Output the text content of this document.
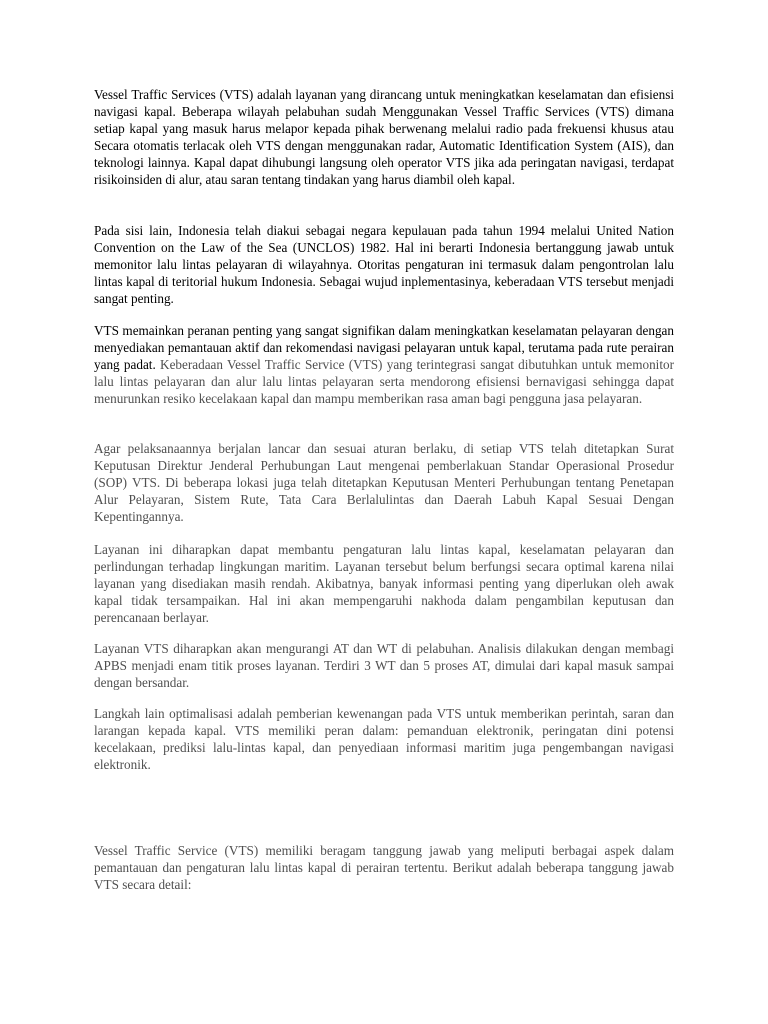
Vessel Traffic Services (VTS) adalah layanan yang dirancang untuk meningkatkan keselamatan dan efisiensi navigasi kapal. Beberapa wilayah pelabuhan sudah Menggunakan Vessel Traffic Services (VTS) dimana setiap kapal yang masuk harus melapor kepada pihak berwenang melalui radio pada frekuensi khusus atau Secara otomatis terlacak oleh VTS dengan menggunakan radar, Automatic Identification System (AIS), dan teknologi lainnya. Kapal dapat dihubungi langsung oleh operator VTS jika ada peringatan navigasi, terdapat risikoinsiden di alur, atau saran tentang tindakan yang harus diambil oleh kapal.

Pada sisi lain, Indonesia telah diakui sebagai negara kepulauan pada tahun 1994 melalui United Nation Convention on the Law of the Sea (UNCLOS) 1982. Hal ini berarti Indonesia bertanggung jawab untuk memonitor lalu lintas pelayaran di wilayahnya. Otoritas pengaturan ini termasuk dalam pengontrolan lalu lintas kapal di teritorial hukum Indonesia. Sebagai wujud inplementasinya, keberadaan VTS tersebut menjadi sangat penting.

VTS memainkan peranan penting yang sangat signifikan dalam meningkatkan keselamatan pelayaran dengan menyediakan pemantauan aktif dan rekomendasi navigasi pelayaran untuk kapal, terutama pada rute perairan yang padat. Keberadaan Vessel Traffic Service (VTS) yang terintegrasi sangat dibutuhkan untuk memonitor lalu lintas pelayaran dan alur lalu lintas pelayaran serta mendorong efisiensi bernavigasi sehingga dapat menurunkan resiko kecelakaan kapal dan mampu memberikan rasa aman bagi pengguna jasa pelayaran.

Agar pelaksanaannya berjalan lancar dan sesuai aturan berlaku, di setiap VTS telah ditetapkan Surat Keputusan Direktur Jenderal Perhubungan Laut mengenai pemberlakuan Standar Operasional Prosedur (SOP) VTS. Di beberapa lokasi juga telah ditetapkan Keputusan Menteri Perhubungan tentang Penetapan Alur Pelayaran, Sistem Rute, Tata Cara Berlalulintas dan Daerah Labuh Kapal Sesuai Dengan Kepentingannya.

Layanan ini diharapkan dapat membantu pengaturan lalu lintas kapal, keselamatan pelayaran dan perlindungan terhadap lingkungan maritim. Layanan tersebut belum berfungsi secara optimal karena nilai layanan yang disediakan masih rendah. Akibatnya, banyak informasi penting yang diperlukan oleh awak kapal tidak tersampaikan. Hal ini akan mempengaruhi nakhoda dalam pengambilan keputusan dan perencanaan berlayar.

Layanan VTS diharapkan akan mengurangi AT dan WT di pelabuhan. Analisis dilakukan dengan membagi APBS menjadi enam titik proses layanan. Terdiri 3 WT dan 5 proses AT, dimulai dari kapal masuk sampai dengan bersandar.

Langkah lain optimalisasi adalah pemberian kewenangan pada VTS untuk memberikan perintah, saran dan larangan kepada kapal. VTS memiliki peran dalam: pemanduan elektronik, peringatan dini potensi kecelakaan, prediksi lalu-lintas kapal, dan penyediaan informasi maritim juga pengembangan navigasi elektronik.

Vessel Traffic Service (VTS) memiliki beragam tanggung jawab yang meliputi berbagai aspek dalam pemantauan dan pengaturan lalu lintas kapal di perairan tertentu. Berikut adalah beberapa tanggung jawab VTS secara detail:
